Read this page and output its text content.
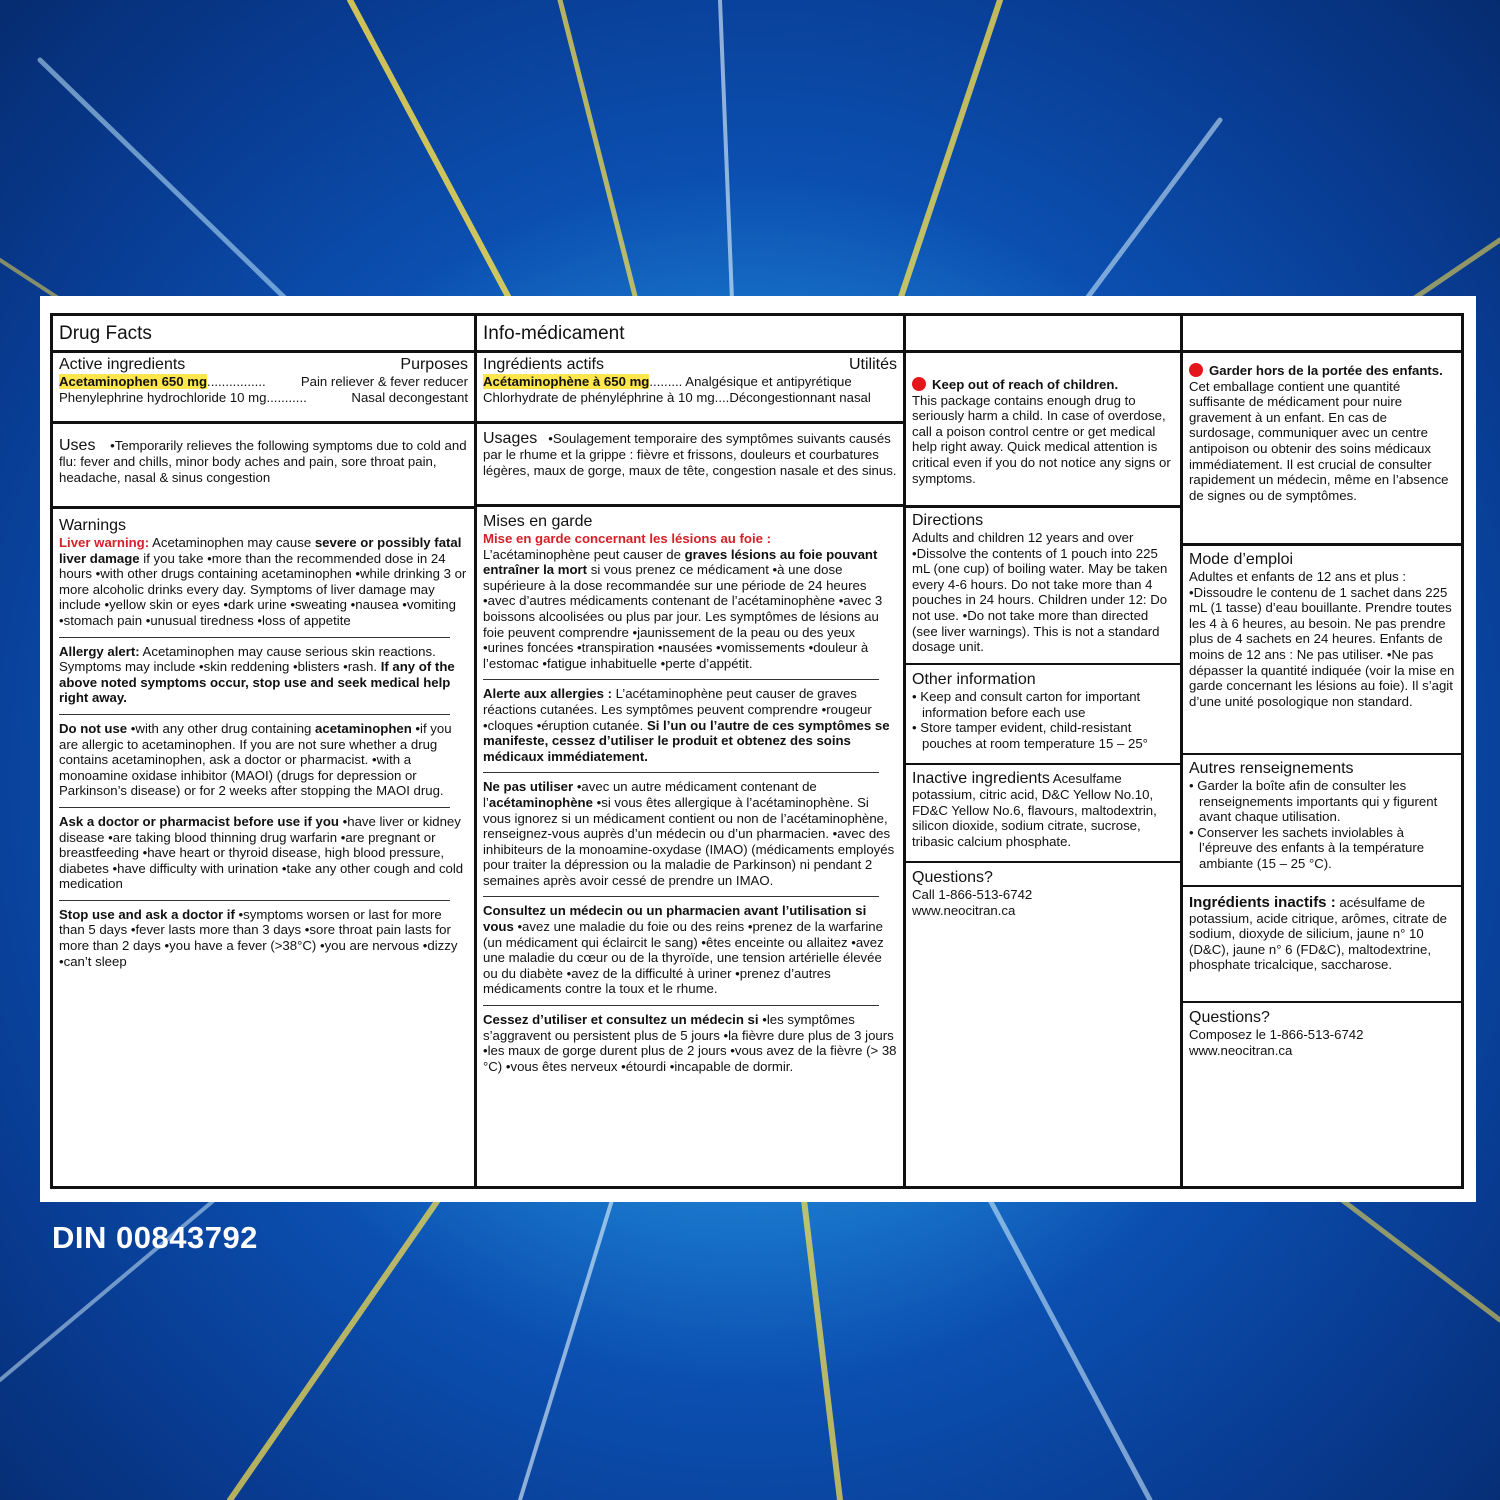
Drug Facts
Active ingredients	Purposes
Acetaminophen 650 mg................	Pain reliever & fever reducer
Phenylephrine hydrochloride 10 mg...........	Nasal decongestant

Uses •Temporarily relieves the following symptoms due to cold and flu: fever and chills, minor body aches and pain, sore throat pain, headache, nasal & sinus congestion

Warnings

Liver warning: Acetaminophen may cause severe or possibly fatal liver damage if you take •more than the recommended dose in 24 hours •with other drugs containing acetaminophen •while drinking 3 or more alcoholic drinks every day. Symptoms of liver damage may include •yellow skin or eyes •dark urine •sweating •nausea •vomiting •stomach pain •unusual tiredness •loss of appetite

Allergy alert: Acetaminophen may cause serious skin reactions. Symptoms may include •skin reddening •blisters •rash. If any of the above noted symptoms occur, stop use and seek medical help right away.

Do not use •with any other drug containing acetaminophen •if you are allergic to acetaminophen. If you are not sure whether a drug contains acetaminophen, ask a doctor or pharmacist. •with a monoamine oxidase inhibitor (MAOI) (drugs for depression or Parkinson’s disease) or for 2 weeks after stopping the MAOI drug.

Ask a doctor or pharmacist before use if you •have liver or kidney disease •are taking blood thinning drug warfarin •are pregnant or breastfeeding •have heart or thyroid disease, high blood pressure, diabetes •have difficulty with urination •take any other cough and cold medication

Stop use and ask a doctor if •symptoms worsen or last for more than 5 days •fever lasts more than 3 days •sore throat pain lasts for more than 2 days •you have a fever (>38°C) •you are nervous •dizzy •can’t sleep

Info-médicament
Ingrédients actifs	Utilités
Acétaminophène à 650 mg......... Analgésique et antipyrétique
Chlorhydrate de phényléphrine à 10 mg....Décongestionnant nasal

Usages   •Soulagement temporaire des symptômes suivants causés par le rhume et la grippe : fièvre et frissons, douleurs et courbatures légères, maux de gorge, maux de tête, congestion nasale et des sinus.

Mises en garde

Mise en garde concernant les lésions au foie :

L’acétaminophène peut causer de graves lésions au foie pouvant entraîner la mort si vous prenez ce médicament •à une dose supérieure à la dose recommandée sur une période de 24 heures •avec d’autres médicaments contenant de l’acétaminophène •avec 3 boissons alcoolisées ou plus par jour. Les symptômes de lésions au foie peuvent comprendre •jaunissement de la peau ou des yeux •urines foncées •transpiration •nausées •vomissements •douleur à l’estomac •fatigue inhabituelle •perte d’appétit.

Alerte aux allergies : L’acétaminophène peut causer de graves réactions cutanées. Les symptômes peuvent comprendre •rougeur •cloques •éruption cutanée. Si l’un ou l’autre de ces symptômes se manifeste, cessez d’utiliser le produit et obtenez des soins médicaux immédiatement.

Ne pas utiliser •avec un autre médicament contenant de l’acétaminophène •si vous êtes allergique à l’acétaminophène. Si vous ignorez si un médicament contient ou non de l’acétaminophène, renseignez-vous auprès d’un médecin ou d’un pharmacien. •avec des inhibiteurs de la monoamine-oxydase (IMAO) (médicaments employés pour traiter la dépression ou la maladie de Parkinson) ni pendant 2 semaines après avoir cessé de prendre un IMAO.

Consultez un médecin ou un pharmacien avant l’utilisation si vous •avez une maladie du foie ou des reins •prenez de la warfarine (un médicament qui éclaircit le sang) •êtes enceinte ou allaitez •avez une maladie du cœur ou de la thyroïde, une tension artérielle élevée ou du diabète •avez de la difficulté à uriner •prenez d’autres médicaments contre la toux et le rhume.

Cessez d’utiliser et consultez un médecin si •les symptômes s’aggravent ou persistent plus de 5 jours •la fièvre dure plus de 3 jours •les maux de gorge durent plus de 2 jours •vous avez de la fièvre (> 38 °C) •vous êtes nerveux •étourdi •incapable de dormir.

Keep out of reach of children.

This package contains enough drug to seriously harm a child. In case of overdose, call a poison control centre or get medical help right away. Quick medical attention is critical even if you do not notice any signs or symptoms.

Directions

Adults and children 12 years and over •Dissolve the contents of 1 pouch into 225 mL (one cup) of boiling water. May be taken every 4-6 hours. Do not take more than 4 pouches in 24 hours. Children under 12: Do not use. •Do not take more than directed (see liver warnings). This is not a standard dosage unit.

Other information
• Keep and consult carton for important information before each use
• Store tamper evident, child-resistant pouches at room temperature 15 – 25°

Inactive ingredients Acesulfame potassium, citric acid, D&C Yellow No.10, FD&C Yellow No.6, flavours, maltodextrin, silicon dioxide, sodium citrate, sucrose, tribasic calcium phosphate.

Questions?

Call 1-866-513-6742

www.neocitran.ca

Garder hors de la portée des enfants. Cet emballage contient une quantité suffisante de médicament pour nuire gravement à un enfant. En cas de surdosage, communiquer avec un centre antipoison ou obtenir des soins médicaux immédiatement. Il est crucial de consulter rapidement un médecin, même en l’absence de signes ou de symptômes.

Mode d’emploi

Adultes et enfants de 12 ans et plus : •Dissoudre le contenu de 1 sachet dans 225 mL (1 tasse) d’eau bouillante. Prendre toutes les 4 à 6 heures, au besoin. Ne pas prendre plus de 4 sachets en 24 heures. Enfants de moins de 12 ans : Ne pas utiliser. •Ne pas dépasser la quantité indiquée (voir la mise en garde concernant les lésions au foie). Il s’agit d’une unité posologique non standard.

Autres renseignements
• Garder la boîte afin de consulter les renseignements importants qui y figurent avant chaque utilisation.
• Conserver les sachets inviolables à l’épreuve des enfants à la température ambiante (15 – 25 °C).

Ingrédients inactifs : acésulfame de potassium, acide citrique, arômes, citrate de sodium, dioxyde de silicium, jaune n° 10 (D&C), jaune n° 6 (FD&C), maltodextrine, phosphate tricalcique, saccharose.

Questions?

Composez le 1-866-513-6742

www.neocitran.ca

DIN 00843792
